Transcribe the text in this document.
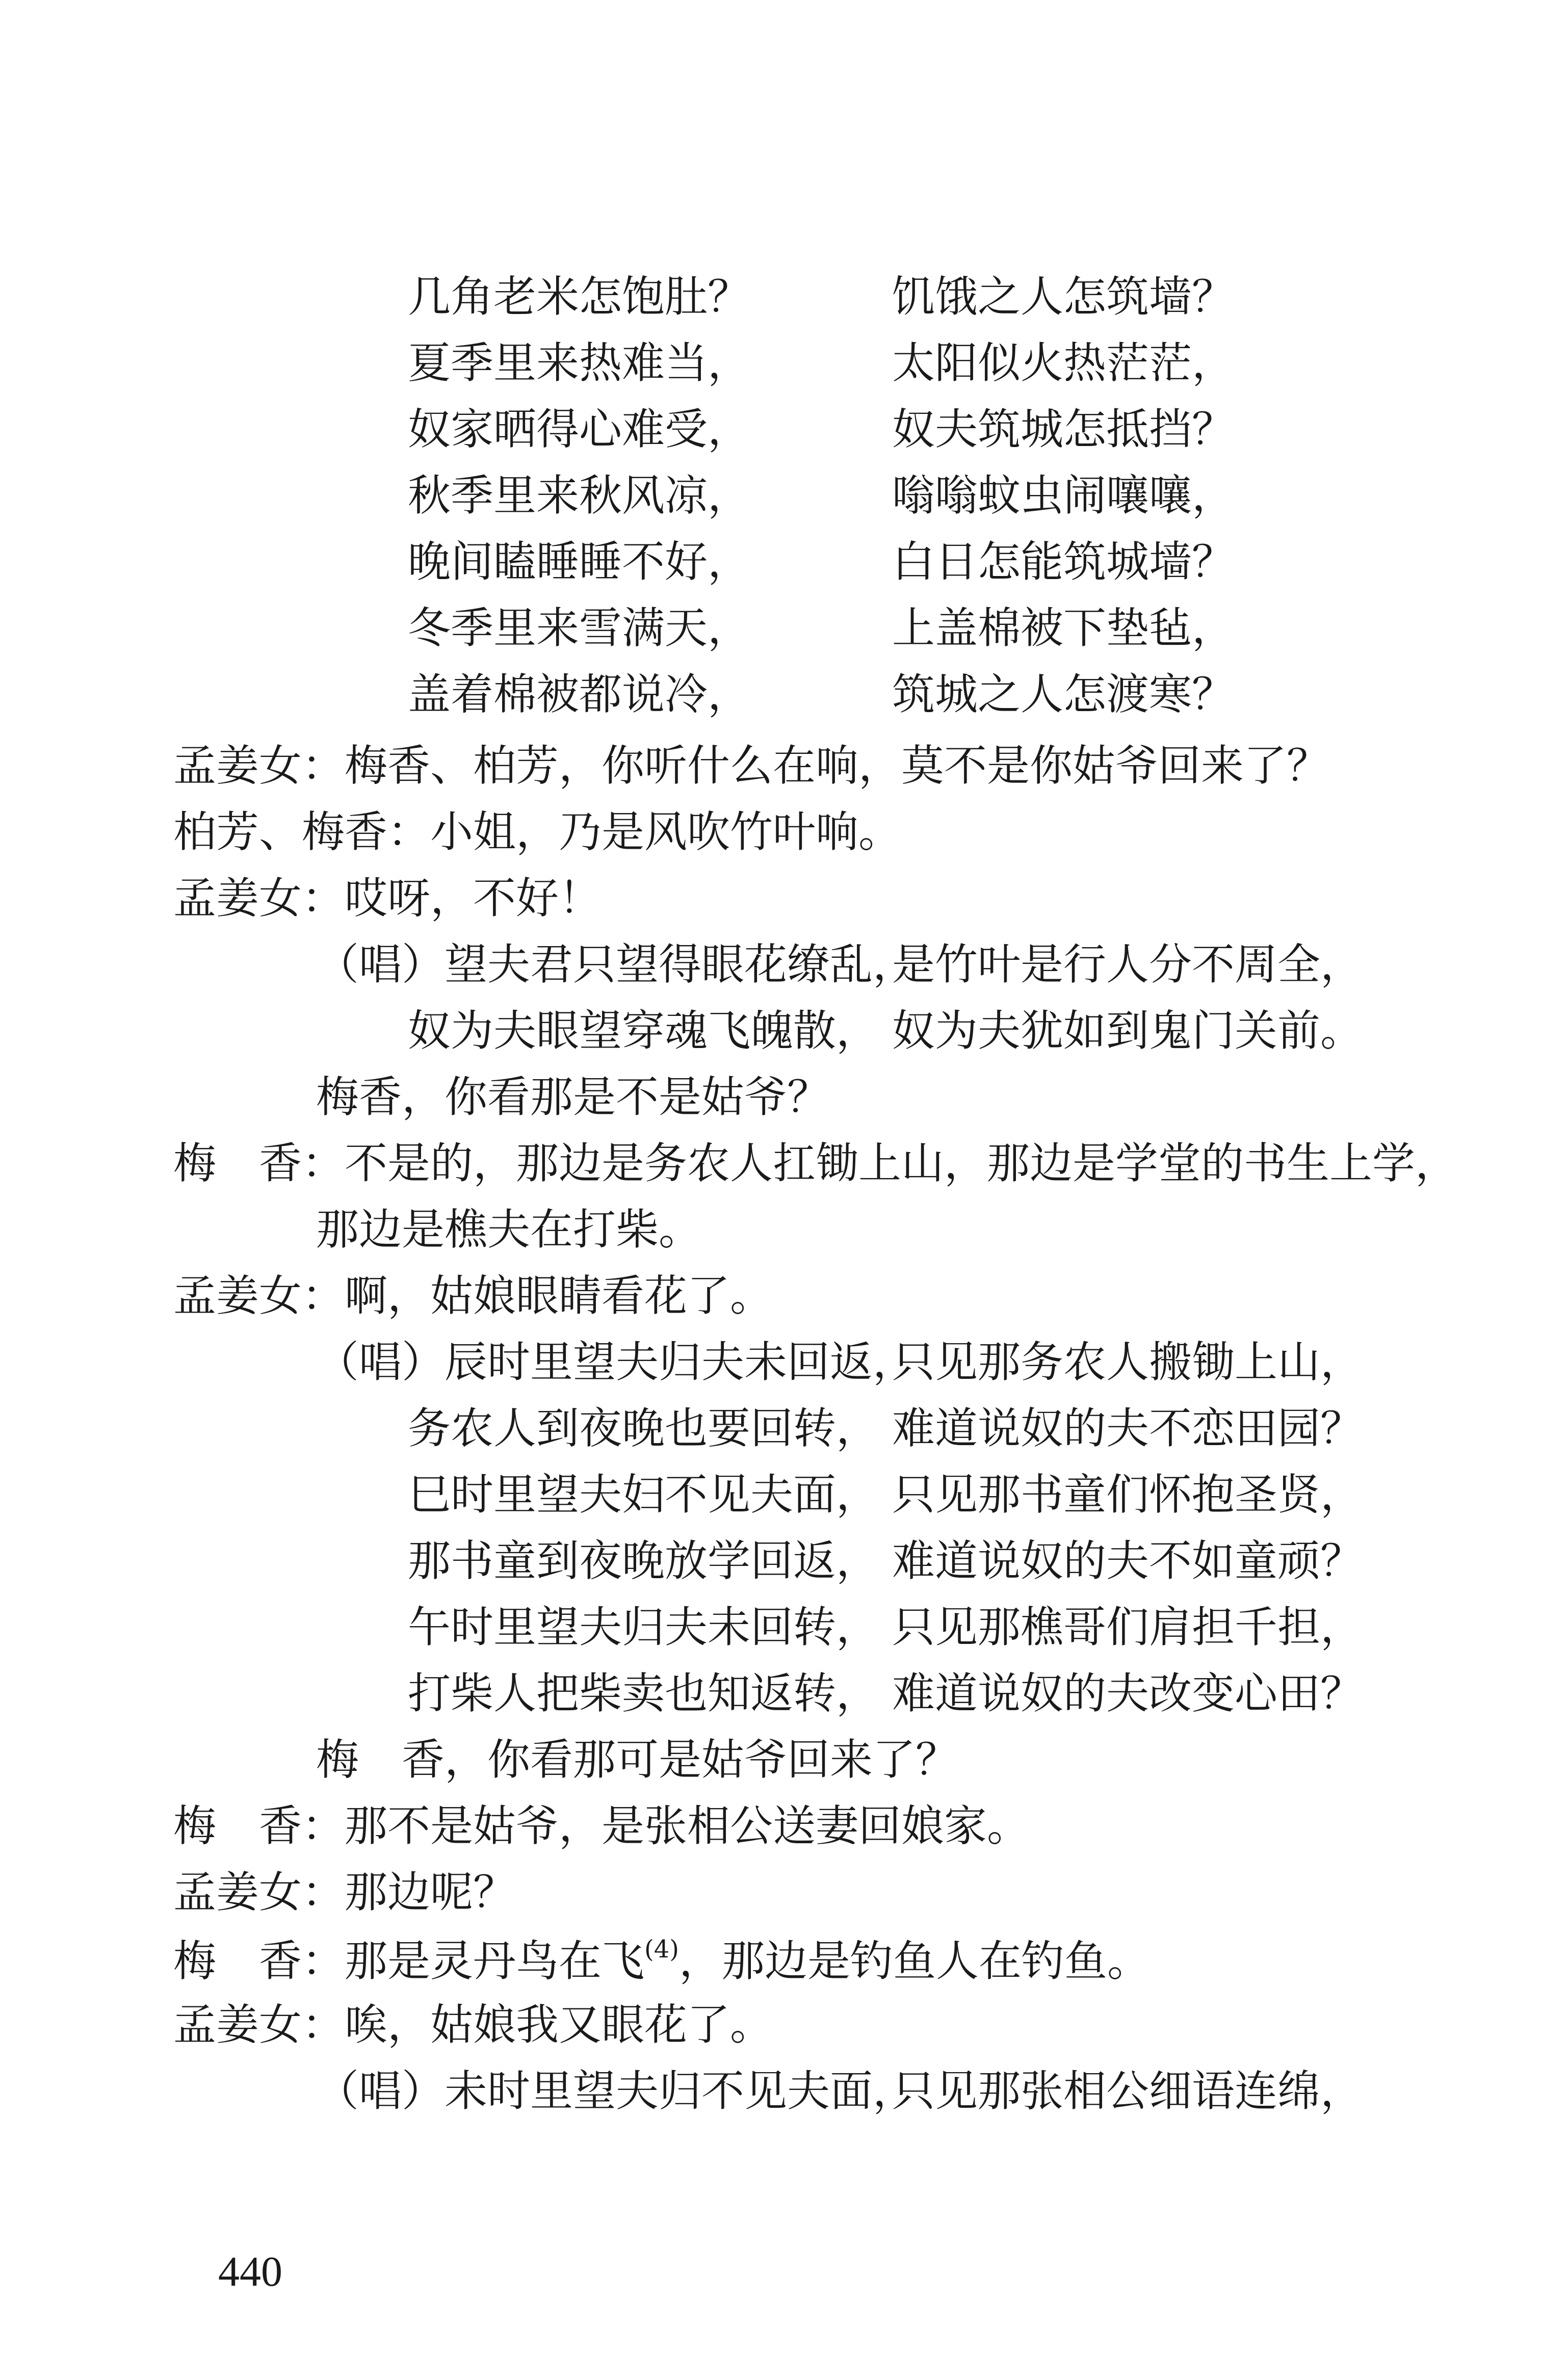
几角老米怎饱肚？	饥饿之人怎筑墙？
夏季里来热难当，	太阳似火热茫茫，
奴家晒得心难受，	奴夫筑城怎抵挡？
秋季里来秋风凉，	嗡嗡蚊虫闹嚷嚷，
晚间瞌睡睡不好，	白日怎能筑城墙？
冬季里来雪满天，	上盖棉被下垫毡，
盖着棉被都说冷，	筑城之人怎渡寒？
孟姜女：梅香、柏芳，你听什么在响，莫不是你姑爷回来了？
柏芳、梅香：小姐，乃是风吹竹叶响。
孟姜女：哎呀，不好！
（唱）望夫君只望得眼花缭乱，
是竹叶是行人分不周全，
奴为夫眼望穿魂飞魄散， 奴为夫犹如到鬼门关前。
梅香，你看那是不是姑爷？
梅　香：不是的，那边是务农人扛锄上山，那边是学堂的书生上学，
那边是樵夫在打柴。
孟姜女：啊，姑娘眼睛看花了。
（唱）辰时里望夫归夫未回返，
只见那务农人搬锄上山，
务农人到夜晚也要回转， 难道说奴的夫不恋田园？
巳时里望夫妇不见夫面， 只见那书童们怀抱圣贤，
那书童到夜晚放学回返， 难道说奴的夫不如童顽？
午时里望夫归夫未回转， 只见那樵哥们肩担千担，
打柴人把柴卖也知返转， 难道说奴的夫改变心田？
梅　香，你看那可是姑爷回来了？
梅　香：那不是姑爷，是张相公送妻回娘家。
孟姜女：那边呢？
梅　香：那是灵丹鸟在飞$^{(4)}$，那边是钓鱼人在钓鱼。
孟姜女：唉，姑娘我又眼花了。
（唱）未时里望夫归不见夫面，
只见那张相公细语连绵，
440
